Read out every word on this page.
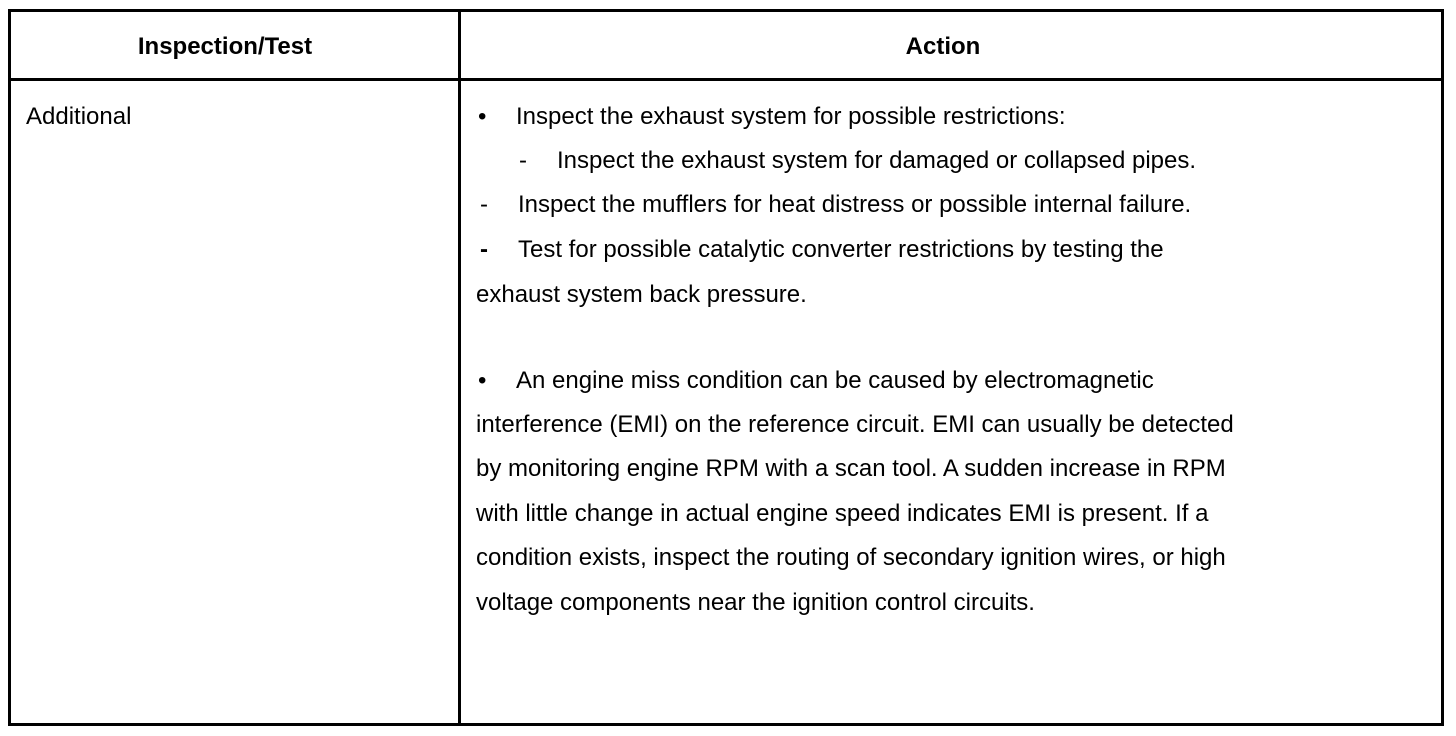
Inspection/Test	Action
Additional	• Inspect the exhaust system for possible restrictions:
- Inspect the exhaust system for damaged or collapsed pipes.
- Inspect the mufflers for heat distress or possible internal failure.
- Test for possible catalytic converter restrictions by testing the
exhaust system back pressure.
• An engine miss condition can be caused by electromagnetic
interference (EMI) on the reference circuit. EMI can usually be detected
by monitoring engine RPM with a scan tool. A sudden increase in RPM
with little change in actual engine speed indicates EMI is present. If a
condition exists, inspect the routing of secondary ignition wires, or high
voltage components near the ignition control circuits.
